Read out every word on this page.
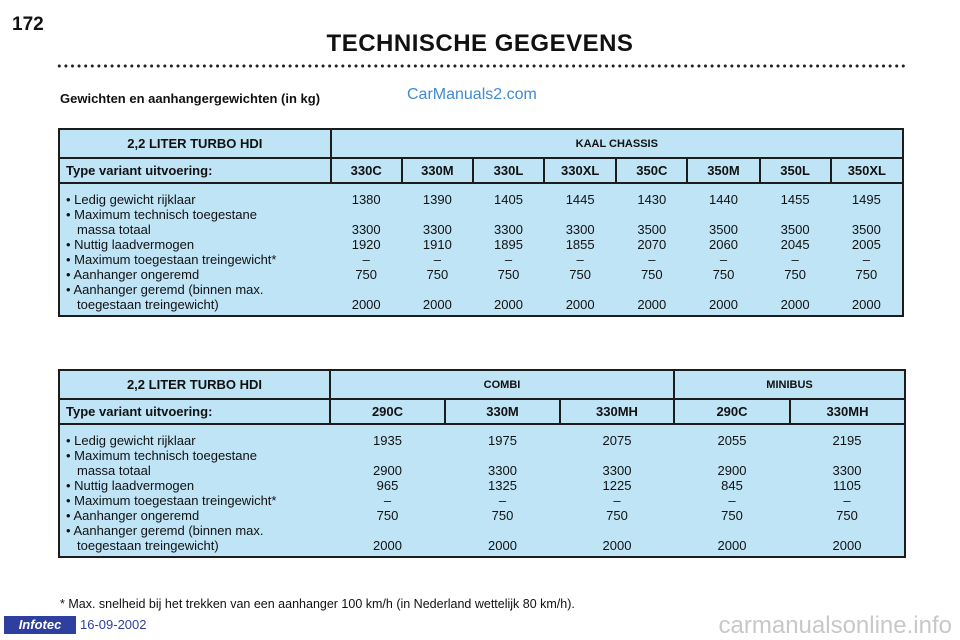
172
TECHNISCHE GEGEVENS
Gewichten en aanhangergewichten (in kg)	CarManuals2.com
2,2 LITER TURBO HDI	KAAL CHASSIS							
Type variant uitvoering:	330C	330M	330L	330XL	350C	350M	350L	350XL

• Ledig gewicht rijklaar	1380	1390	1405	1445	1430	1440	1455	1495

• Maximum technisch toegestane
massa totaal	3300	3300	3300	3300	3500	3500	3500	3500

• Nuttig laadvermogen	1920	1910	1895	1855	2070	2060	2045	2005

• Maximum toegestaan treingewicht*	–	–	–	–	–	–	–	–

• Aanhanger ongeremd	750	750	750	750	750	750	750	750

• Aanhanger geremd (binnen max.
toegestaan treingewicht)	2000	2000	2000	2000	2000	2000	2000	2000
2,2 LITER TURBO HDI	COMBI			MINIBUS	
Type variant uitvoering:	290C	330M	330MH	290C	330MH

• Ledig gewicht rijklaar	1935	1975	2075	2055	2195

• Maximum technisch toegestane
massa totaal	2900	3300	3300	2900	3300

• Nuttig laadvermogen	965	1325	1225	845	1105

• Maximum toegestaan treingewicht*	–	–	–	–	–

• Aanhanger ongeremd	750	750	750	750	750

• Aanhanger geremd (binnen max.
toegestaan treingewicht)	2000	2000	2000	2000	2000
* Max. snelheid bij het trekken van een aanhanger 100 km/h (in Nederland wettelijk 80 km/h).
Infotec	16-09-2002	carmanualsonline.info
